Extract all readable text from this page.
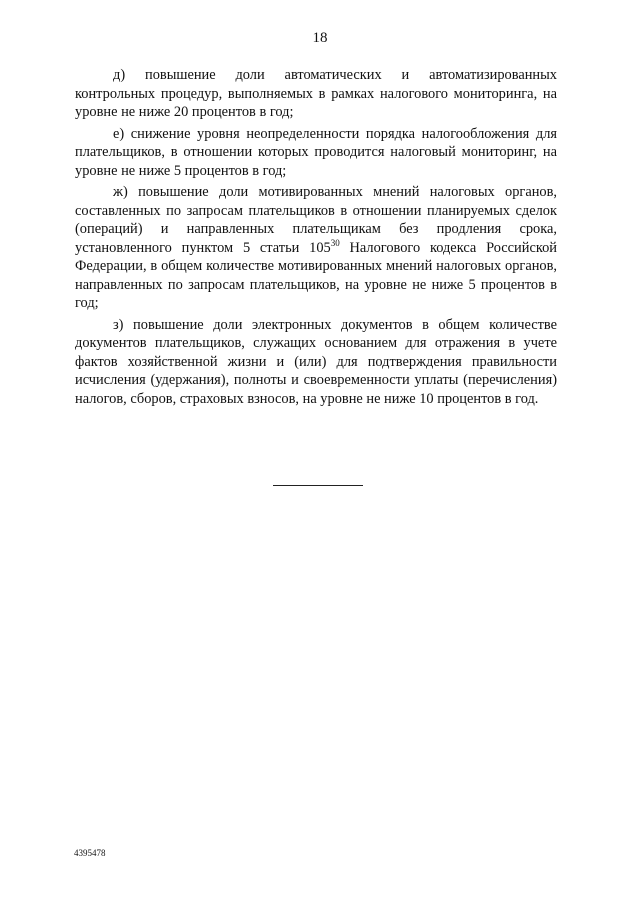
18

д) повышение доли автоматических и автоматизированных контрольных процедур, выполняемых в рамках налогового мониторинга, на уровне не ниже 20 процентов в год;

е) снижение уровня неопределенности порядка налогообложения для плательщиков, в отношении которых проводится налоговый мониторинг, на уровне не ниже 5 процентов в год;

ж) повышение доли мотивированных мнений налоговых органов, составленных по запросам плательщиков в отношении планируемых сделок (операций) и направленных плательщикам без продления срока, установленного пунктом 5 статьи $105^{30}$ Налогового кодекса Российской Федерации, в общем количестве мотивированных мнений налоговых органов, направленных по запросам плательщиков, на уровне не ниже 5 процентов в год;

з) повышение доли электронных документов в общем количестве документов плательщиков, служащих основанием для отражения в учете фактов хозяйственной жизни и (или) для подтверждения правильности исчисления (удержания), полноты и своевременности уплаты (перечисления) налогов, сборов, страховых взносов, на уровне не ниже 10 процентов в год.

4395478
